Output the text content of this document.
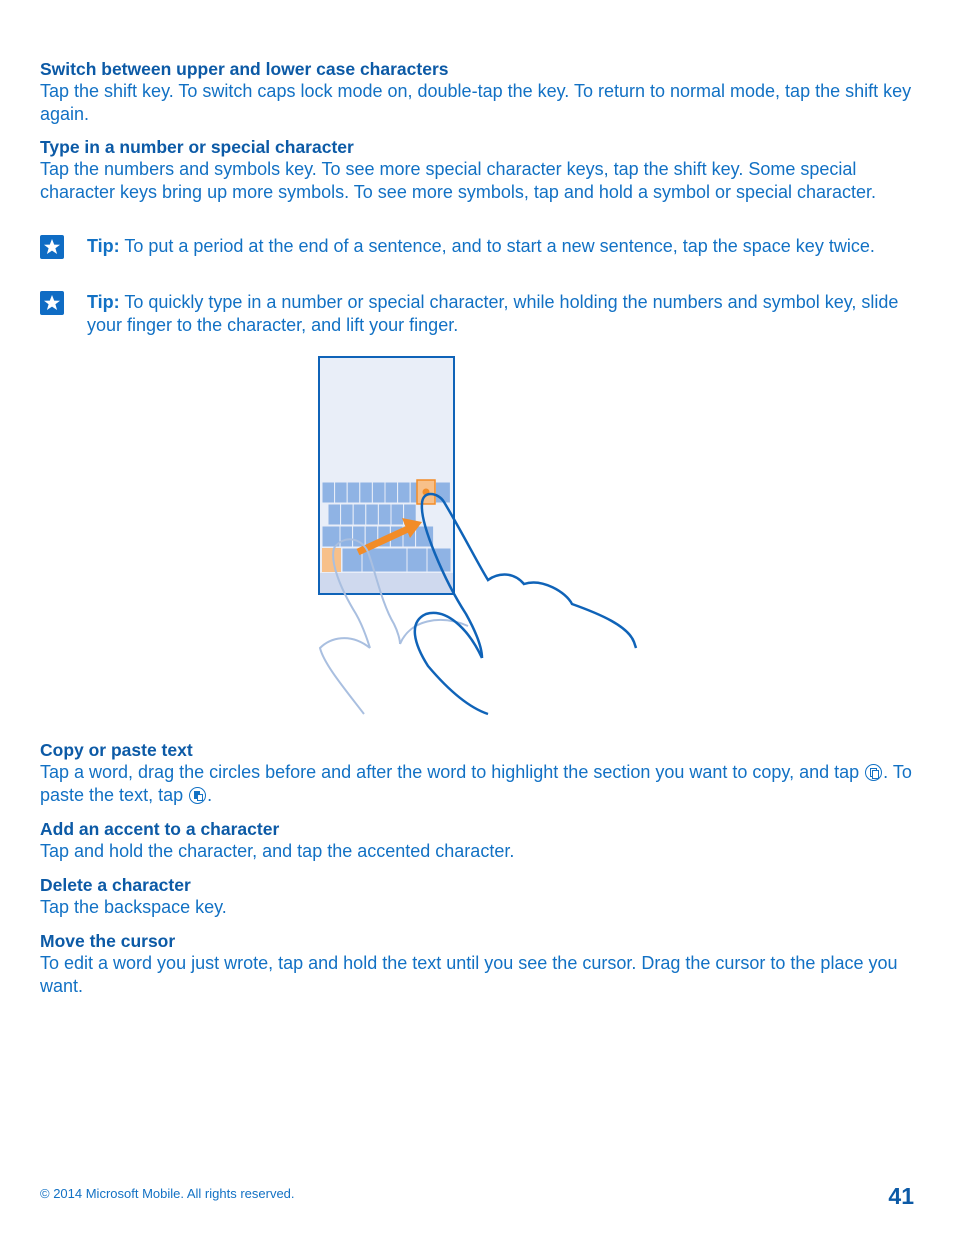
Switch between upper and lower case characters
Tap the shift key. To switch caps lock mode on, double-tap the key. To return to normal mode, tap the shift key again.
Type in a number or special character
Tap the numbers and symbols key. To see more special character keys, tap the shift key. Some special character keys bring up more symbols. To see more symbols, tap and hold a symbol or special character.
Tip: To put a period at the end of a sentence, and to start a new sentence, tap the space key twice.
Tip: To quickly type in a number or special character, while holding the numbers and symbol key, slide your finger to the character, and lift your finger.
Copy or paste text
Tap a word, drag the circles before and after the word to highlight the section you want to copy, and tap . To paste the text, tap .
Add an accent to a character
Tap and hold the character, and tap the accented character.
Delete a character
Tap the backspace key.
Move the cursor
To edit a word you just wrote, tap and hold the text until you see the cursor. Drag the cursor to the place you want.
© 2014 Microsoft Mobile. All rights reserved.	41
